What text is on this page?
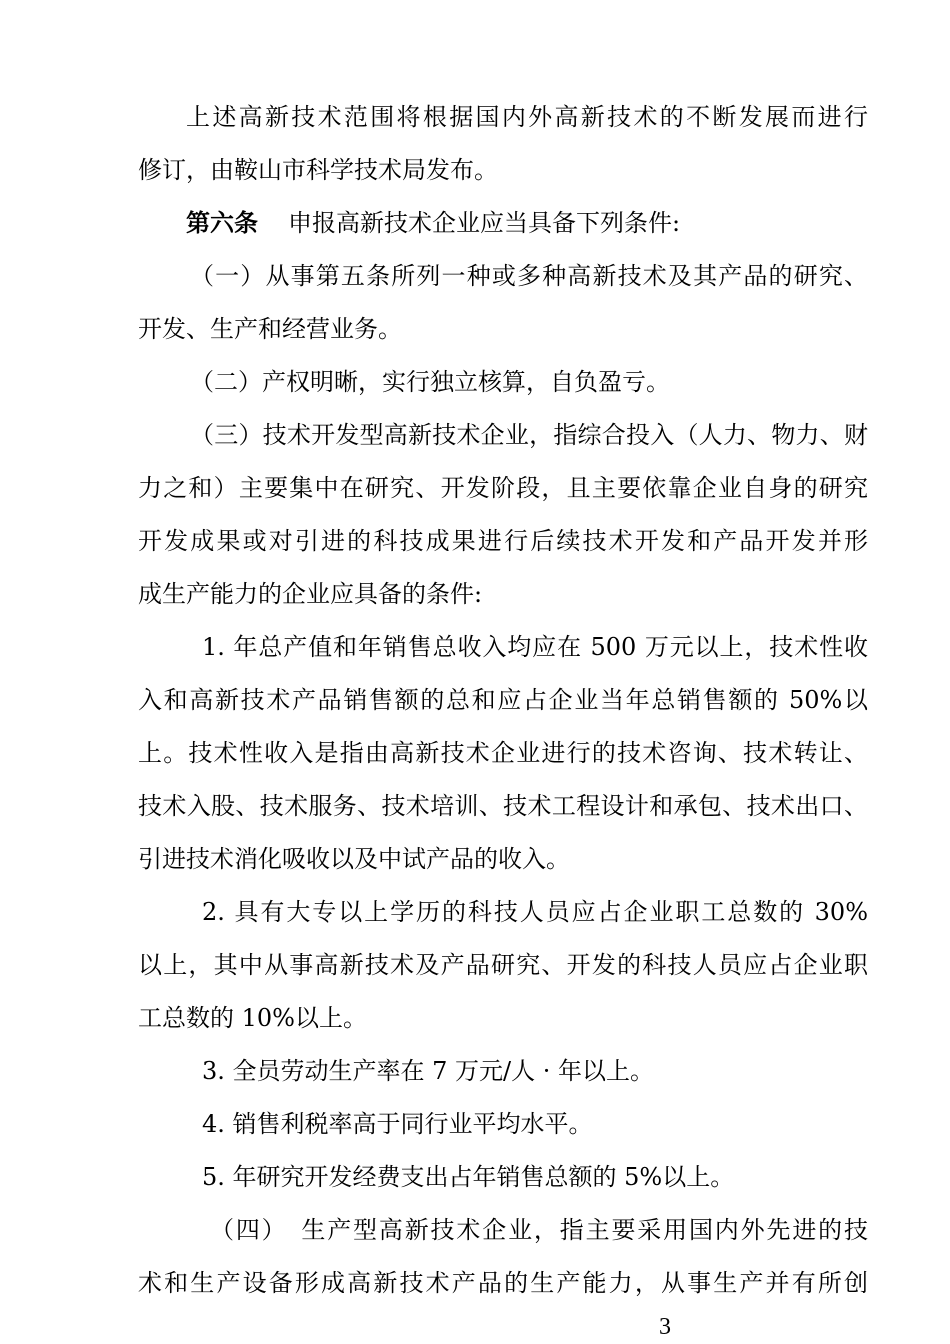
上述高新技术范围将根据国内外高新技术的不断发展而进行
修订，由鞍山市科学技术局发布。
第六条 申报高新技术企业应当具备下列条件:
（一）从事第五条所列一种或多种高新技术及其产品的研究、
开发、生产和经营业务。
（二）产权明晰，实行独立核算，自负盈亏。
（三）技术开发型高新技术企业，指综合投入（人力、物力、财
力之和）主要集中在研究、开发阶段，且主要依靠企业自身的研究
开发成果或对引进的科技成果进行后续技术开发和产品开发并形
成生产能力的企业应具备的条件:
1. 年总产值和年销售总收入均应在 500 万元以上，技术性收
入和高新技术产品销售额的总和应占企业当年总销售额的 50%以
上。技术性收入是指由高新技术企业进行的技术咨询、技术转让、
技术入股、技术服务、技术培训、技术工程设计和承包、技术出口、
引进技术消化吸收以及中试产品的收入。
2. 具有大专以上学历的科技人员应占企业职工总数的 30%
以上，其中从事高新技术及产品研究、开发的科技人员应占企业职
工总数的 10%以上。
3. 全员劳动生产率在 7 万元/人 · 年以上。
4. 销售利税率高于同行业平均水平。
5. 年研究开发经费支出占年销售总额的 5%以上。
（四）　生产型高新技术企业，指主要采用国内外先进的技
术和生产设备形成高新技术产品的生产能力，从事生产并有所创
3
